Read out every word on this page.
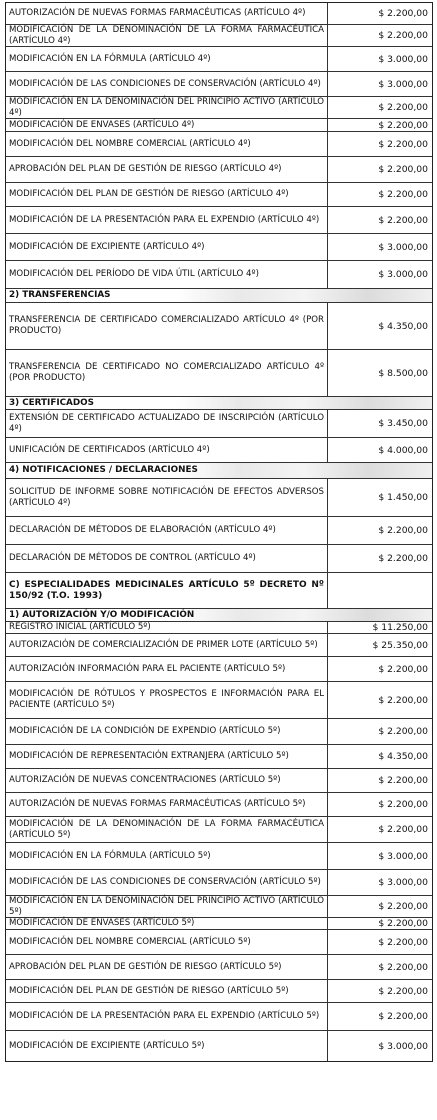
AUTORIZACIÓN DE NUEVAS FORMAS FARMACÉUTICAS (ARTÍCULO 4º)	$ 2.200,00
MODIFICACIÓN DE LA DENOMINACIÓN DE LA FORMA FARMACÉUTICA (ARTÍCULO 4º)	$ 2.200,00
MODIFICACIÓN EN LA FÓRMULA (ARTÍCULO 4º)	$ 3.000,00
MODIFICACIÓN DE LAS CONDICIONES DE CONSERVACIÓN (ARTÍCULO 4º)	$ 3.000,00
MODIFICACIÓN EN LA DENOMINACIÓN DEL PRINCIPIO ACTIVO (ARTÍCULO 4º)	$ 2.200,00
MODIFICACIÓN DE ENVASES (ARTÍCULO 4º)	$ 2.200,00
MODIFICACIÓN DEL NOMBRE COMERCIAL (ARTÍCULO 4º)	$ 2.200,00
APROBACIÓN DEL PLAN DE GESTIÓN DE RIESGO (ARTÍCULO 4º)	$ 2.200,00
MODIFICACIÓN DEL PLAN DE GESTIÓN DE RIESGO (ARTÍCULO 4º)	$ 2.200,00
MODIFICACIÓN DE LA PRESENTACIÓN PARA EL EXPENDIO (ARTÍCULO 4º)	$ 2.200,00
MODIFICACIÓN DE EXCIPIENTE (ARTÍCULO 4º)	$ 3.000,00
MODIFICACIÓN DEL PERÍODO DE VIDA ÚTIL (ARTÍCULO 4º)	$ 3.000,00
2) TRANSFERENCIAS
TRANSFERENCIA DE CERTIFICADO COMERCIALIZADO ARTÍCULO 4º (POR PRODUCTO)	$ 4.350,00
TRANSFERENCIA DE CERTIFICADO NO COMERCIALIZADO ARTÍCULO 4º (POR PRODUCTO)	$ 8.500,00
3) CERTIFICADOS
EXTENSIÓN DE CERTIFICADO ACTUALIZADO DE INSCRIPCIÓN (ARTÍCULO 4º)	$ 3.450,00
UNIFICACIÓN DE CERTIFICADOS (ARTÍCULO 4º)	$ 4.000,00
4) NOTIFICACIONES / DECLARACIONES
SOLICITUD DE INFORME SOBRE NOTIFICACIÓN DE EFECTOS ADVERSOS (ARTÍCULO 4º)	$ 1.450,00
DECLARACIÓN DE MÉTODOS DE ELABORACIÓN (ARTÍCULO 4º)	$ 2.200,00
DECLARACIÓN DE MÉTODOS DE CONTROL (ARTÍCULO 4º)	$ 2.200,00
C) ESPECIALIDADES MEDICINALES ARTÍCULO 5º DECRETO Nº 150/92 (T.O. 1993)
1) AUTORIZACIÓN Y/O MODIFICACIÓN
REGISTRO INICIAL (ARTÍCULO 5º)	$ 11.250,00
AUTORIZACIÓN DE COMERCIALIZACIÓN DE PRIMER LOTE (ARTÍCULO 5º)	$ 25.350,00
AUTORIZACIÓN INFORMACIÓN PARA EL PACIENTE (ARTÍCULO 5º)	$ 2.200,00
MODIFICACIÓN DE RÓTULOS Y PROSPECTOS E INFORMACIÓN PARA EL PACIENTE (ARTÍCULO 5º)	$ 2.200,00
MODIFICACIÓN DE LA CONDICIÓN DE EXPENDIO (ARTÍCULO 5º)	$ 2.200,00
MODIFICACIÓN DE REPRESENTACIÓN EXTRANJERA (ARTÍCULO 5º)	$ 4.350,00
AUTORIZACIÓN DE NUEVAS CONCENTRACIONES (ARTÍCULO 5º)	$ 2.200,00
AUTORIZACIÓN DE NUEVAS FORMAS FARMACÉUTICAS (ARTÍCULO 5º)	$ 2.200,00
MODIFICACIÓN DE LA DENOMINACIÓN DE LA FORMA FARMACÉUTICA (ARTÍCULO 5º)	$ 2.200,00
MODIFICACIÓN EN LA FÓRMULA (ARTÍCULO 5º)	$ 3.000,00
MODIFICACIÓN DE LAS CONDICIONES DE CONSERVACIÓN (ARTÍCULO 5º)	$ 3.000,00
MODIFICACIÓN EN LA DENOMINACIÓN DEL PRINCIPIO ACTIVO (ARTÍCULO 5º)	$ 2.200,00
MODIFICACIÓN DE ENVASES (ARTÍCULO 5º)	$ 2.200,00
MODIFICACIÓN DEL NOMBRE COMERCIAL (ARTÍCULO 5º)	$ 2.200,00
APROBACIÓN DEL PLAN DE GESTIÓN DE RIESGO (ARTÍCULO 5º)	$ 2.200,00
MODIFICACIÓN DEL PLAN DE GESTIÓN DE RIESGO (ARTÍCULO 5º)	$ 2.200,00
MODIFICACIÓN DE LA PRESENTACIÓN PARA EL EXPENDIO (ARTÍCULO 5º)	$ 2.200,00
MODIFICACIÓN DE EXCIPIENTE (ARTÍCULO 5º)	$ 3.000,00
